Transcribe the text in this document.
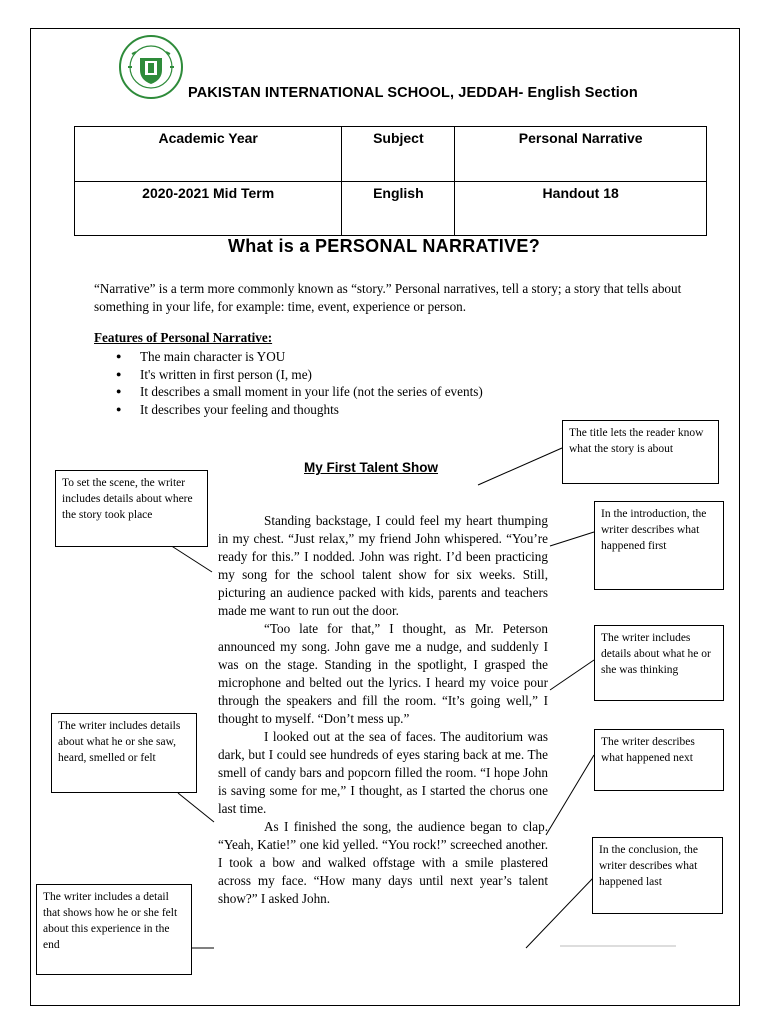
PAKISTAN INTERNATIONAL SCHOOL, JEDDAH- English Section
Academic Year	Subject	Personal Narrative
2020-2021 Mid Term	English	Handout 18
What is a PERSONAL NARRATIVE?
“Narrative” is a term more commonly known as “story.” Personal narratives, tell a story; a story that tells about something in your life, for example: time, event, experience or person.
Features of Personal Narrative:
● The main character is YOU
● It's written in first person (I, me)
● It describes a small moment in your life (not the series of events)
● It describes your feeling and thoughts
My First Talent Show

Standing backstage, I could feel my heart thumping in my chest. “Just relax,” my friend John whispered. “You’re ready for this.” I nodded. John was right. I’d been practicing my song for the school talent show for six weeks. Still, picturing an audience packed with kids, parents and teachers made me want to run out the door.

“Too late for that,” I thought, as Mr. Peterson announced my song. John gave me a nudge, and suddenly I was on the stage. Standing in the spotlight, I grasped the microphone and belted out the lyrics. I heard my voice pour through the speakers and fill the room. “It’s going well,” I thought to myself. “Don’t mess up.”

I looked out at the sea of faces. The auditorium was dark, but I could see hundreds of eyes staring back at me. The smell of candy bars and popcorn filled the room. “I hope John is saving some for me,” I thought, as I started the chorus one last time.

As I finished the song, the audience began to clap. “Yeah, Katie!” one kid yelled. “You rock!” screeched another. I took a bow and walked offstage with a smile plastered across my face. “How many days until next year’s talent show?” I asked John.

The title lets the reader know what the story is about
To set the scene, the writer includes details about where the story took place	In the introduction, the writer describes what happened first
The writer includes details about what he or she was thinking
The writer includes details about what he or she saw, heard, smelled or felt
The writer describes what happened next
In the conclusion, the writer describes what happened last
The writer includes a detail that shows how he or she felt about this experience in the end
